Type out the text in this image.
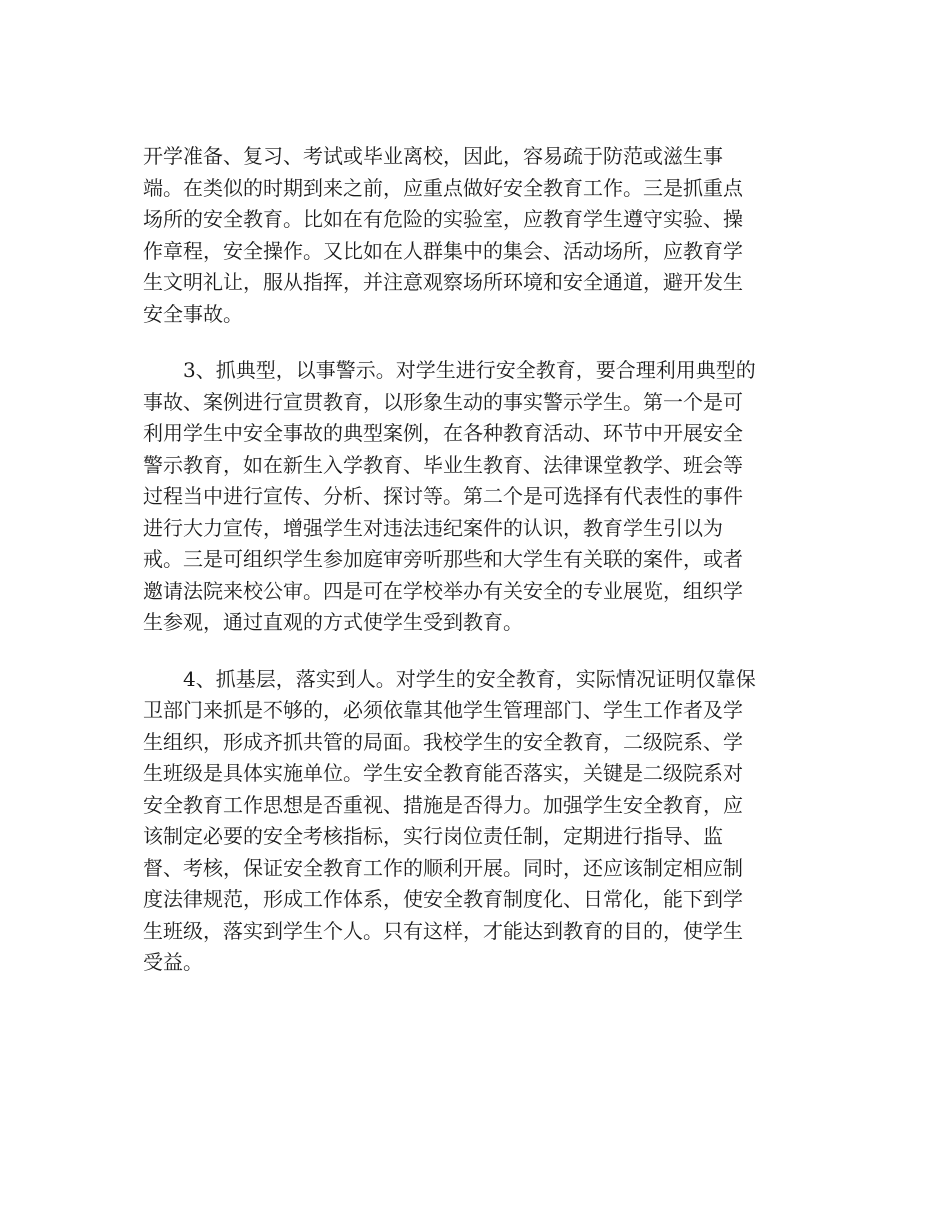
开学准备、复习、考试或毕业离校，因此，容易疏于防范或滋生事
端。在类似的时期到来之前，应重点做好安全教育工作。三是抓重点
场所的安全教育。比如在有危险的实验室，应教育学生遵守实验、操
作章程，安全操作。又比如在人群集中的集会、活动场所，应教育学
生文明礼让，服从指挥，并注意观察场所环境和安全通道，避开发生
安全事故。

3、抓典型，以事警示。对学生进行安全教育，要合理利用典型的
事故、案例进行宣贯教育，以形象生动的事实警示学生。第一个是可
利用学生中安全事故的典型案例，在各种教育活动、环节中开展安全
警示教育，如在新生入学教育、毕业生教育、法律课堂教学、班会等
过程当中进行宣传、分析、探讨等。第二个是可选择有代表性的事件
进行大力宣传，增强学生对违法违纪案件的认识，教育学生引以为
戒。三是可组织学生参加庭审旁听那些和大学生有关联的案件，或者
邀请法院来校公审。四是可在学校举办有关安全的专业展览，组织学
生参观，通过直观的方式使学生受到教育。

4、抓基层，落实到人。对学生的安全教育，实际情况证明仅靠保
卫部门来抓是不够的，必须依靠其他学生管理部门、学生工作者及学
生组织，形成齐抓共管的局面。我校学生的安全教育，二级院系、学
生班级是具体实施单位。学生安全教育能否落实，关键是二级院系对
安全教育工作思想是否重视、措施是否得力。加强学生安全教育，应
该制定必要的安全考核指标，实行岗位责任制，定期进行指导、监
督、考核，保证安全教育工作的顺利开展。同时，还应该制定相应制
度法律规范，形成工作体系，使安全教育制度化、日常化，能下到学
生班级，落实到学生个人。只有这样，才能达到教育的目的，使学生
受益。
